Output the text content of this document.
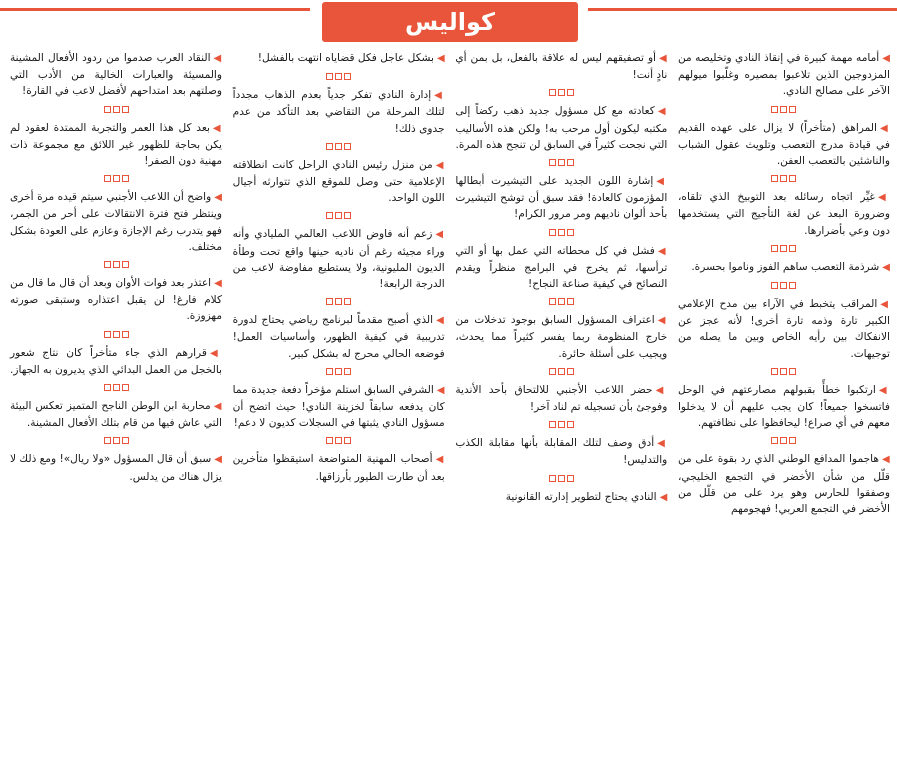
كواليس

◀أمامه مهمة كبيرة في إنقاذ النادي وتخليصه من المزدوجين الذين تلاعبوا بمصيره وغلّبوا ميولهم الآخر على مصالح النادي.

◀المراهق (متأخراً) لا يزال على عهده القديم في قيادة مدرج التعصب وتلويث عقول الشباب والناشئين بالتعصب العفن.

◀غيِّر اتجاه رسائله بعد التوبيخ الذي تلقاه، وضرورة البعد عن لغة التأجيج التي يستخدمها دون وعي بأضرارها.

◀شرذمة التعصب ساهم الفوز وناموا بحسرة.

◀المراقب يتخبط في الآراء بين مدح الإعلامي الكبير تارة وذمه تارة أخرى! لأنه عجز عن الانفكاك بين رأيه الخاص وبين ما يصله من توجيهات.

◀ارتكبوا خطأً بقبولهم مصارعتهم في الوحل فاتسخوا جميعاً! كان يجب عليهم أن لا يدخلوا معهم في أي صراع! ليحافظوا على نظافتهم.

◀هاجموا المدافع الوطني الذي رد بقوة على من قلّل من شأن الأخضر في التجمع الخليجي، وصفقوا للحارس وهو يرد على من قلّل من الأخضر في التجمع العربي! فهجومهم

◀أو تصفيقهم ليس له علاقة بالفعل، بل بمن أي نادٍ أنت!

◀كعادته مع كل مسؤول جديد ذهب ركضاً إلى مكتبه ليكون أول مرحب به! ولكن هذه الأساليب التي نجحت كثيراً في السابق لن تنجح هذه المرة.

◀إشارة اللون الجديد على التيشيرت أبطالها المؤزمون كالعادة! فقد سبق أن توشح التيشيرت بأحد ألوان ناديهم ومر مرور الكرام!

◀فشل في كل محطاته التي عمل بها أو التي ترأسها، ثم يخرج في البرامج منظراً ويقدم النصائح في كيفية صناعة النجاح!

◀اعتراف المسؤول السابق بوجود تدخلات من خارج المنظومة ربما يفسر كثيراً مما يحدث، ويجيب على أسئلة حائرة.

◀حضر اللاعب الأجنبي للالتحاق بأحد الأندية وفوجئ بأن تسجيله تم لناد آخر!

◀أدق وصف لتلك المقابلة بأنها مقابلة الكذب والتدليس!

◀النادي يحتاج لتطوير إدارته القانونية

◀بشكل عاجل فكل قضاياه انتهت بالفشل!

◀إدارة النادي تفكر جدياً بعدم الذهاب مجدداً لتلك المرحلة من التقاضي بعد التأكد من عدم جدوى ذلك!

◀من منزل رئيس النادي الراحل كانت انطلاقته الإعلامية حتى وصل للموقع الذي تتوارثه أجيال اللون الواحد.

◀زعم أنه فاوض اللاعب العالمي المليادي وأنه وراء مجيئه رغم أن ناديه حينها واقع تحت وطأة الديون المليونية، ولا يستطيع مفاوضة لاعب من الدرجة الرابعة!

◀الذي أصبح مقدماً لبرنامج رياضي يحتاج لدورة تدريبية في كيفية الظهور، وأساسيات العمل! فوضعه الحالي محرج له بشكل كبير.

◀الشرفي السابق استلم مؤخراً دفعة جديدة مما كان يدفعه سابقاً لخزينة النادي! حيث اتضح أن مسؤول النادي يثبتها في السجلات كديون لا دعم!

◀أصحاب المهنية المتواضعة استيقظوا متأخرين بعد أن طارت الطيور بأرزاقها.

◀النقاد العرب صدموا من ردود الأفعال المشينة والمسيئة والعبارات الخالية من الأدب التي وصلتهم بعد امتداحهم لأفضل لاعب في القارة!

◀بعد كل هذا العمر والتجربة الممتدة لعقود لم يكن بحاجة للظهور غير اللائق مع مجموعة ذات مهنية دون الصفر!

◀واضح أن اللاعب الأجنبي سيتم قيده مرة أخرى وينتظر فتح فترة الانتقالات على أحر من الجمر، فهو يتدرب رغم الإجازة وعازم على العودة بشكل مختلف.

◀اعتذر بعد فوات الأوان وبعد أن قال ما قال من كلام فارغ! لن يقبل اعتذاره وستبقى صورته مهزوزة.

◀قرارهم الذي جاء متأخراً كان نتاج شعور بالخجل من العمل البدائي الذي يديرون به الجهاز.

◀محاربة ابن الوطن الناجح المتميز تعكس البيئة التي عاش فيها من قام بتلك الأفعال المشينة.

◀سبق أن قال المسؤول «ولا ريال»! ومع ذلك لا يزال هناك من يدلس.
